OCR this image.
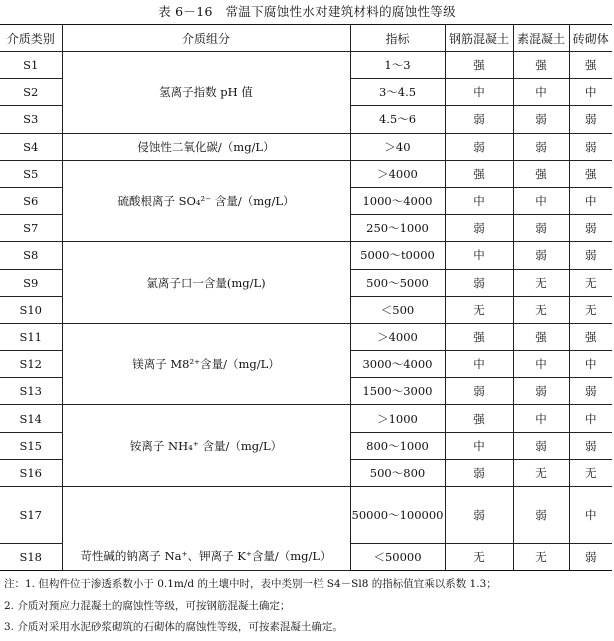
表 6－16　常温下腐蚀性水对建筑材料的腐蚀性等级
介质类别	介质组分	指标	钢筋混凝土	素混凝土	砖砌体
S1	氢离子指数 pH 值	1～3	强	强	强
S2		3～4.5	中	中	中
S3		4.5～6	弱	弱	弱
S4	侵蚀性二氧化碳/（mg/L）	＞40	弱	弱	弱
S5	硫酸根离子 SO₄²⁻ 含量/（mg/L）	＞4000	强	强	强
S6		1000～4000	中	中	中
S7		250～1000	弱	弱	弱
S8	氯离子口一含量(mg/L)	5000～t0000	中	弱	弱
S9		500～5000	弱	无	无
S10		＜500	无	无	无
S11	镁离子 M8²⁺含量/（mg/L）	＞4000	强	强	强
S12		3000～4000	中	中	中
S13		1500～3000	弱	弱	弱
S14	铵离子 NH₄⁺ 含量/（mg/L）	＞1000	强	中	中
S15		800～1000	中	弱	弱
S16		500～800	弱	无	无
S17	苛性碱的钠离子 Na⁺、钾离子 K⁺含量/（mg/L）	50000～100000	弱	弱	中
S18		＜50000	无	无	弱
注：1. 但构件位于渗透系数小于 0.1m/d 的土壤中时，表中类别一栏 S4－Sl8 的指标值宜乘以系数 1.3；
2. 介质对预应力混凝土的腐蚀性等级，可按钢筋混凝土确定；
3. 介质对采用水泥砂浆砌筑的石砌体的腐蚀性等级，可按素混凝土确定。
